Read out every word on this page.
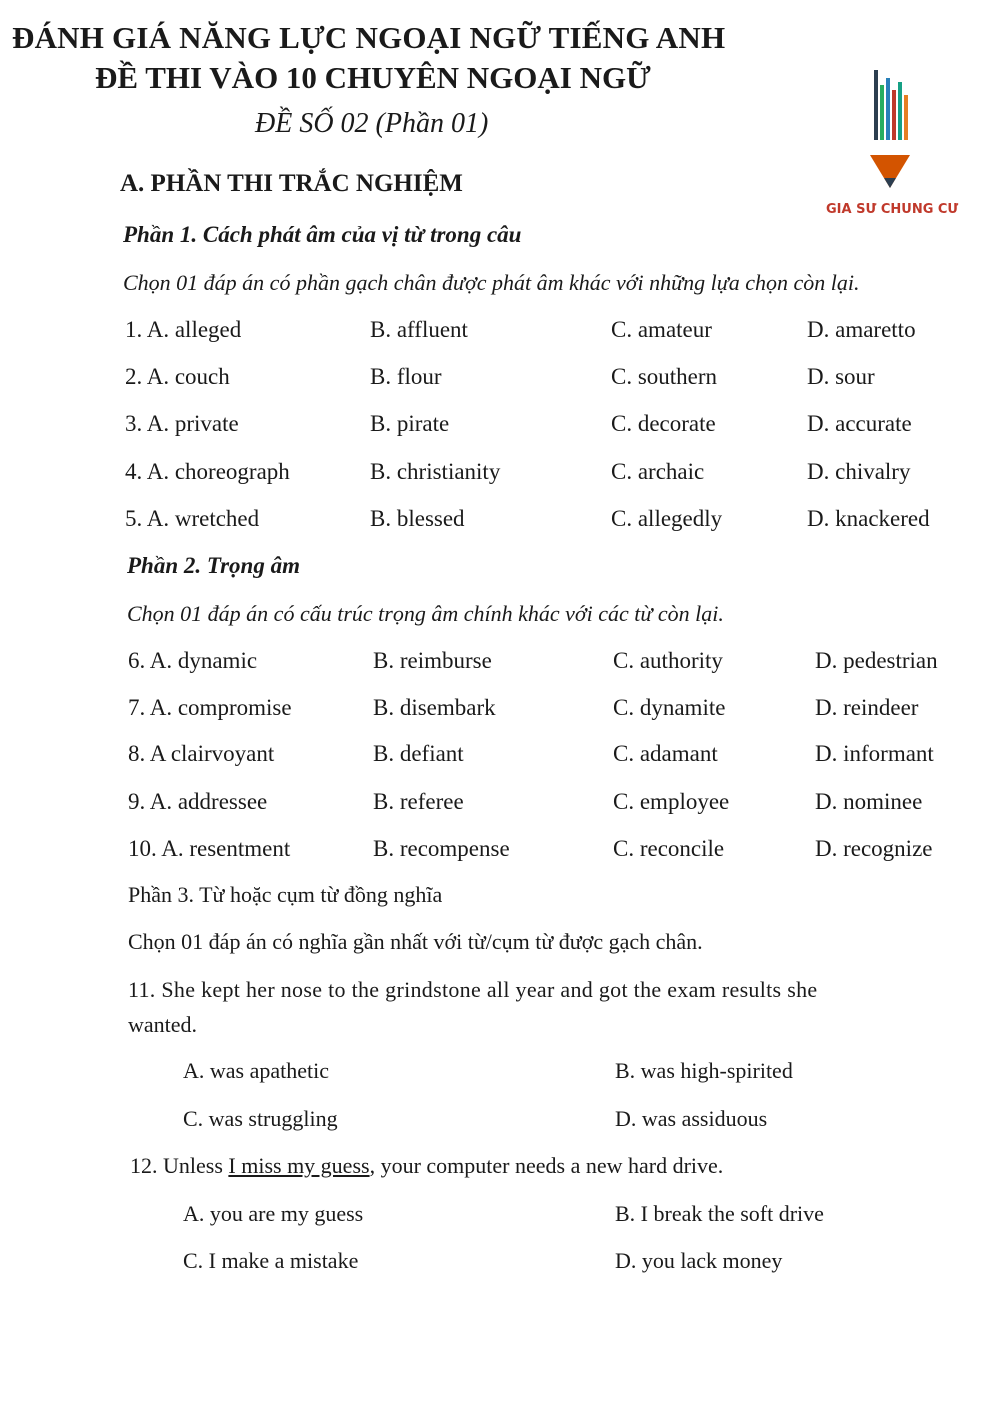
ĐÁNH GIÁ NĂNG LỰC NGOẠI NGỮ TIẾNG ANH
ĐỀ THI VÀO 10 CHUYÊN NGOẠI NGỮ
ĐỀ SỐ 02 (Phần 01)
GIA SƯ CHUNG CƯ
A. PHẦN THI TRẮC NGHIỆM
Phần 1. Cách phát âm của vị từ trong câu
Chọn 01 đáp án có phần gạch chân được phát âm khác với những lựa chọn còn lại.
1. A. alleged	B. affluent	C. amateur	D. amaretto
2. A. couch	B. flour	C. southern	D. sour
3. A. private	B. pirate	C. decorate	D. accurate
4. A. choreograph	B. christianity	C. archaic	D. chivalry
5. A. wretched	B. blessed	C. allegedly	D. knackered
Phần 2. Trọng âm
Chọn 01 đáp án có cấu trúc trọng âm chính khác với các từ còn lại.
6. A. dynamic	B. reimburse	C. authority	D. pedestrian
7. A. compromise	B. disembark	C. dynamite	D. reindeer
8. A clairvoyant	B. defiant	C. adamant	D. informant
9. A. addressee	B. referee	C. employee	D. nominee
10. A. resentment	B. recompense	C. reconcile	D. recognize
Phần 3. Từ hoặc cụm từ đồng nghĩa
Chọn 01 đáp án có nghĩa gần nhất với từ/cụm từ được gạch chân.
11. She kept her nose to the grindstone all year and got the exam results she
wanted.
A. was apathetic	B. was high-spirited
C. was struggling	D. was assiduous
12. Unless I miss my guess, your computer needs a new hard drive.
A. you are my guess	B. I break the soft drive
C. I make a mistake	D. you lack money
